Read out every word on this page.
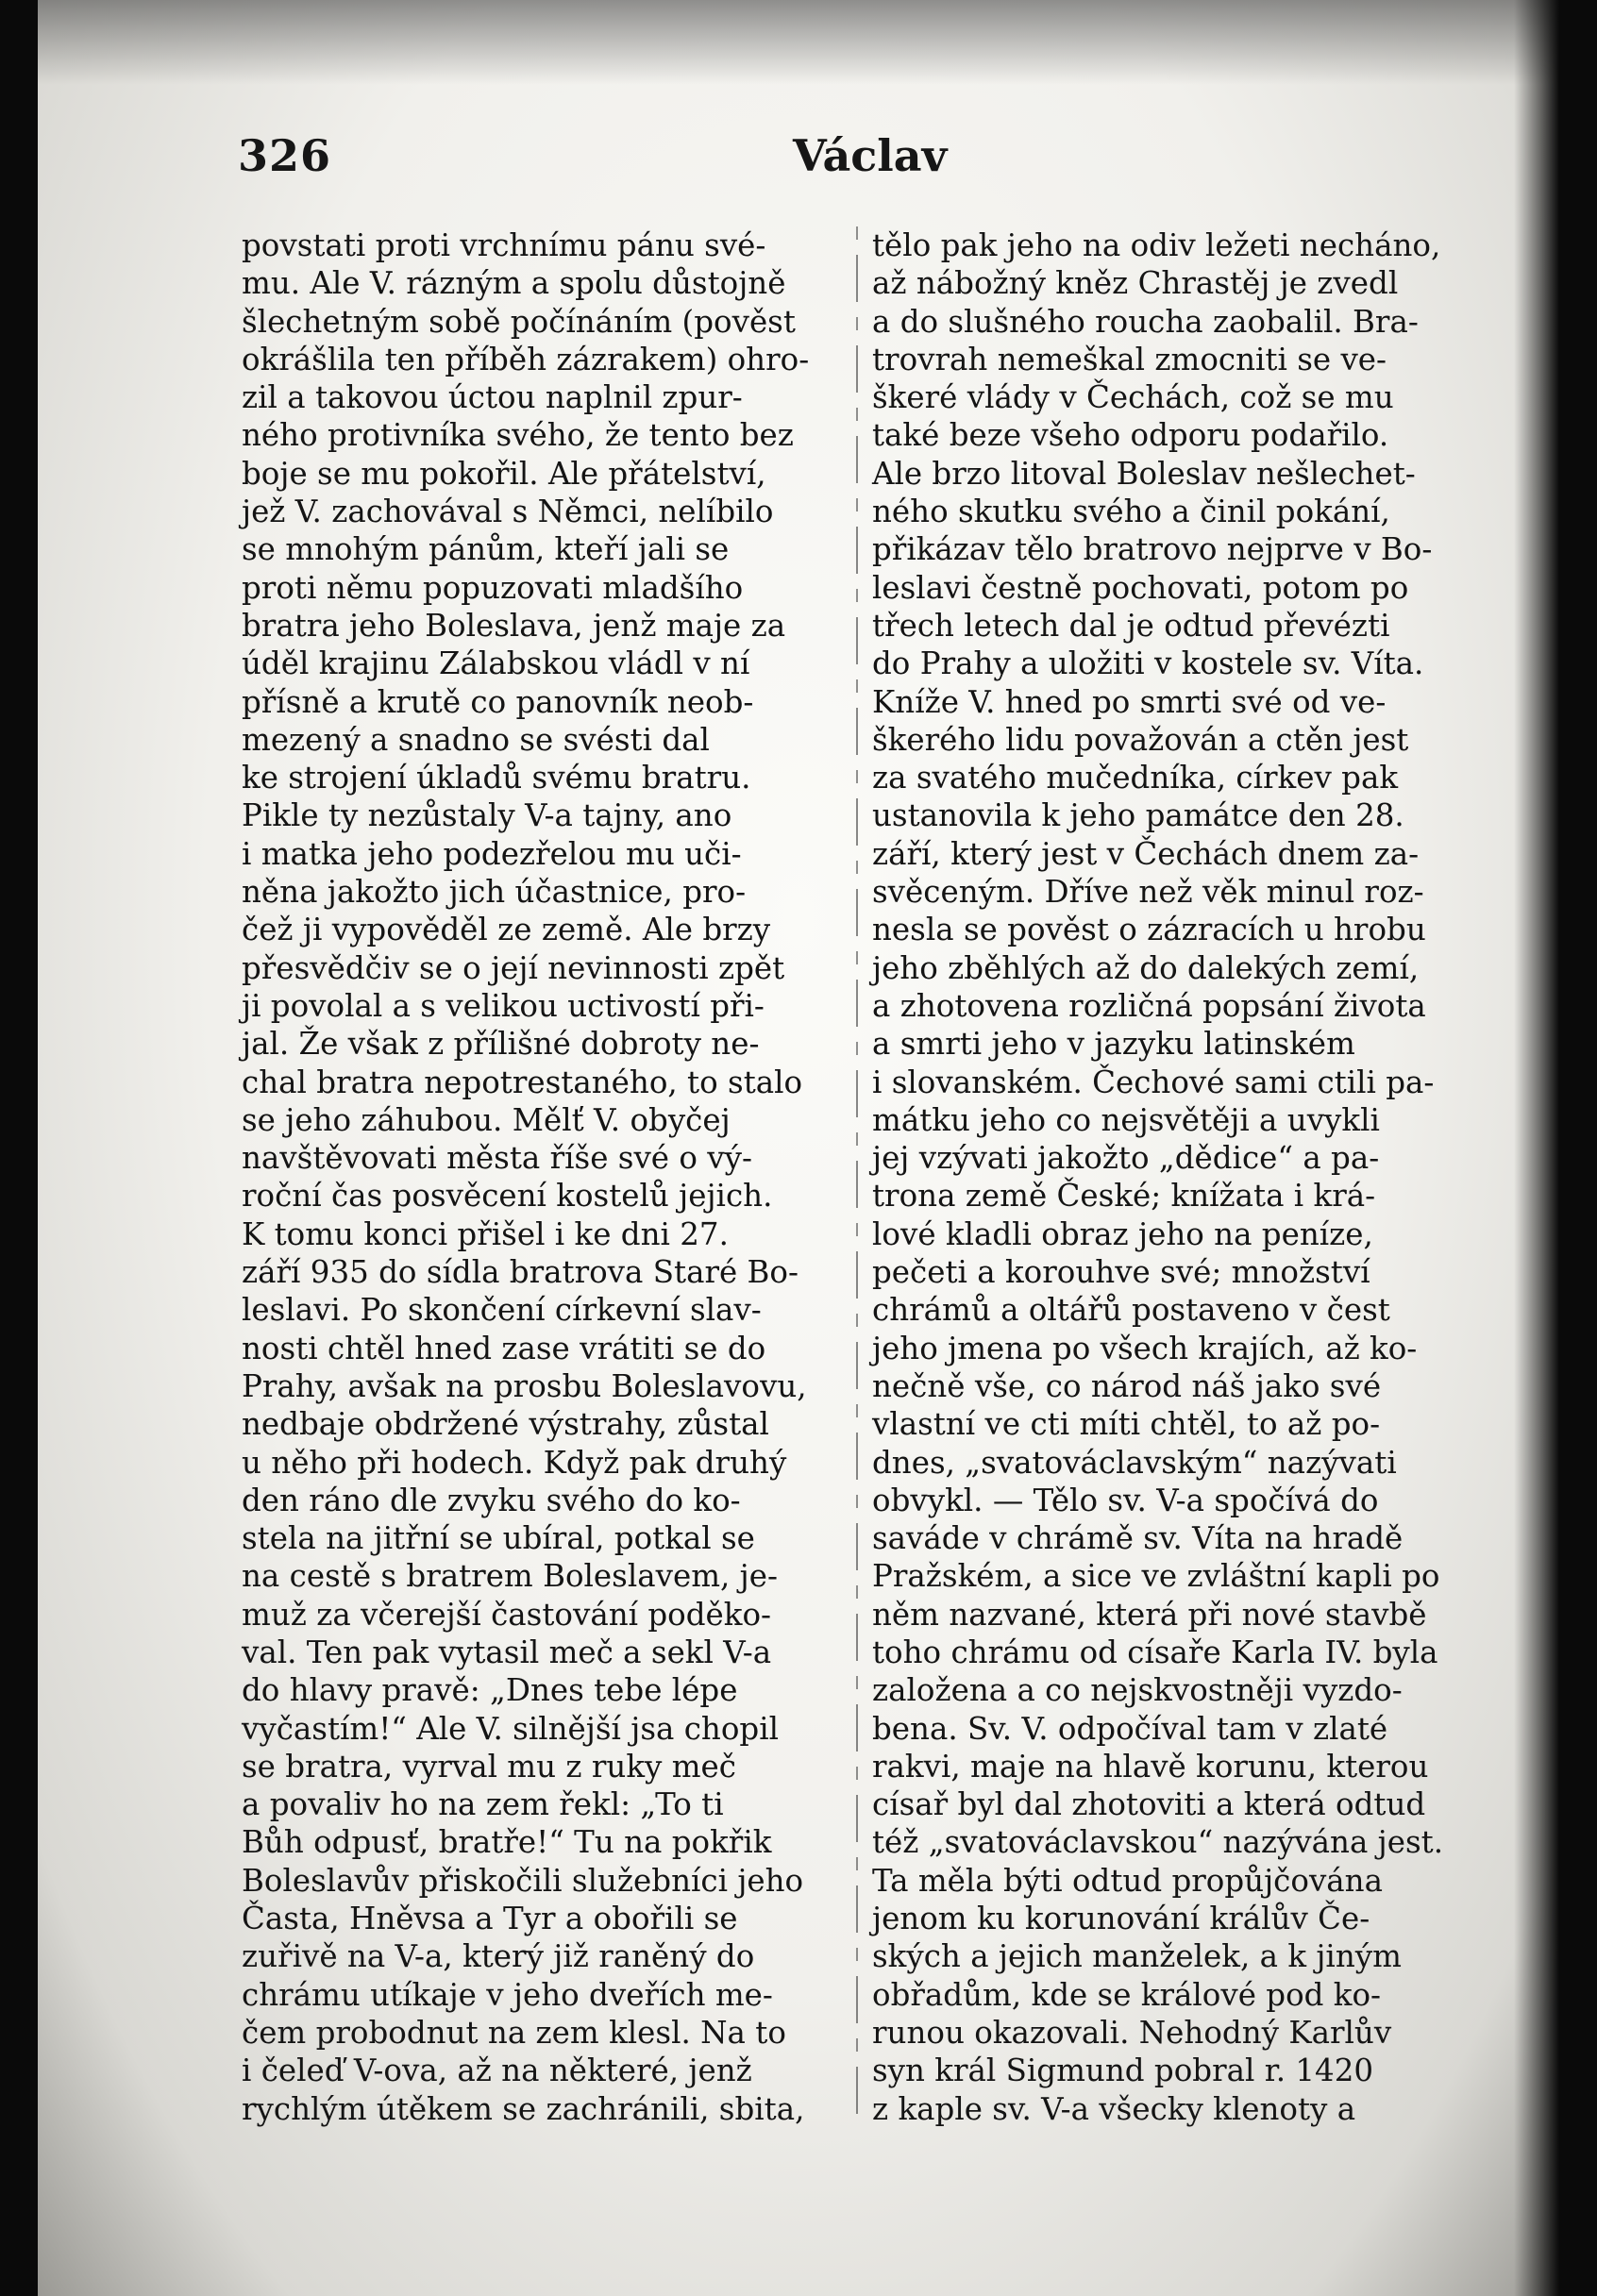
326	Václav
povstati proti vrchnímu pánu své-
mu. Ale V. rázným a spolu důstojně
šlechetným sobě počínáním (pověst
okrášlila ten příběh zázrakem) ohro-
zil a takovou úctou naplnil zpur-
ného protivníka svého, že tento bez
boje se mu pokořil. Ale přátelství,
jež V. zachovával s Němci, nelíbilo
se mnohým pánům, kteří jali se
proti němu popuzovati mladšího
bratra jeho Boleslava, jenž maje za
úděl krajinu Zálabskou vládl v ní
přísně a krutě co panovník neob-
mezený a snadno se svésti dal
ke strojení úkladů svému bratru.
Pikle ty nezůstaly V-a tajny, ano
i matka jeho podezřelou mu uči-
něna jakožto jich účastnice, pro-
čež ji vypověděl ze země. Ale brzy
přesvědčiv se o její nevinnosti zpět
ji povolal a s velikou uctivostí při-
jal. Že však z přílišné dobroty ne-
chal bratra nepotrestaného, to stalo
se jeho záhubou. Mělť V. obyčej
navštěvovati města říše své o vý-
roční čas posvěcení kostelů jejich.
K tomu konci přišel i ke dni 27.
září 935 do sídla bratrova Staré Bo-
leslavi. Po skončení církevní slav-
nosti chtěl hned zase vrátiti se do
Prahy, avšak na prosbu Boleslavovu,
nedbaje obdržené výstrahy, zůstal
u něho při hodech. Když pak druhý
den ráno dle zvyku svého do ko-
stela na jitřní se ubíral, potkal se
na cestě s bratrem Boleslavem, je-
muž za včerejší častování poděko-
val. Ten pak vytasil meč a sekl V-a
do hlavy pravě: „Dnes tebe lépe
vyčastím!“ Ale V. silnější jsa chopil
se bratra, vyrval mu z ruky meč
a povaliv ho na zem řekl: „To ti
Bůh odpusť, bratře!“ Tu na pokřik
Boleslavův přiskočili služebníci jeho
Časta, Hněvsa a Tyr a obořili se
zuřivě na V-a, který již raněný do
chrámu utíkaje v jeho dveřích me-
čem probodnut na zem klesl. Na to
i čeleď V-ova, až na některé, jenž
rychlým útěkem se zachránili, sbita,
tělo pak jeho na odiv ležeti necháno,
až nábožný kněz Chrastěj je zvedl
a do slušného roucha zaobalil. Bra-
trovrah nemeškal zmocniti se ve-
škeré vlády v Čechách, což se mu
také beze všeho odporu podařilo.
Ale brzo litoval Boleslav nešlechet-
ného skutku svého a činil pokání,
přikázav tělo bratrovo nejprve v Bo-
leslavi čestně pochovati, potom po
třech letech dal je odtud převézti
do Prahy a uložiti v kostele sv. Víta.
Kníže V. hned po smrti své od ve-
škerého lidu považován a ctěn jest
za svatého mučedníka, církev pak
ustanovila k jeho památce den 28.
září, který jest v Čechách dnem za-
svěceným. Dříve než věk minul roz-
nesla se pověst o zázracích u hrobu
jeho zběhlých až do dalekých zemí,
a zhotovena rozličná popsání života
a smrti jeho v jazyku latinském
i slovanském. Čechové sami ctili pa-
mátku jeho co nejsvětěji a uvykli
jej vzývati jakožto „dědice“ a pa-
trona země České; knížata i krá-
lové kladli obraz jeho na peníze,
pečeti a korouhve své; množství
chrámů a oltářů postaveno v čest
jeho jmena po všech krajích, až ko-
nečně vše, co národ náš jako své
vlastní ve cti míti chtěl, to až po-
dnes, „svatováclavským“ nazývati
obvykl. — Tělo sv. V-a spočívá do
saváde v chrámě sv. Víta na hradě
Pražském, a sice ve zvláštní kapli po
něm nazvané, která při nové stavbě
toho chrámu od císaře Karla IV. byla
založena a co nejskvostněji vyzdo-
bena. Sv. V. odpočíval tam v zlaté
rakvi, maje na hlavě korunu, kterou
císař byl dal zhotoviti a která odtud
též „svatováclavskou“ nazývána jest.
Ta měla býti odtud propůjčována
jenom ku korunování králův Če-
ských a jejich manželek, a k jiným
obřadům, kde se králové pod ko-
runou okazovali. Nehodný Karlův
syn král Sigmund pobral r. 1420
z kaple sv. V-a všecky klenoty a
